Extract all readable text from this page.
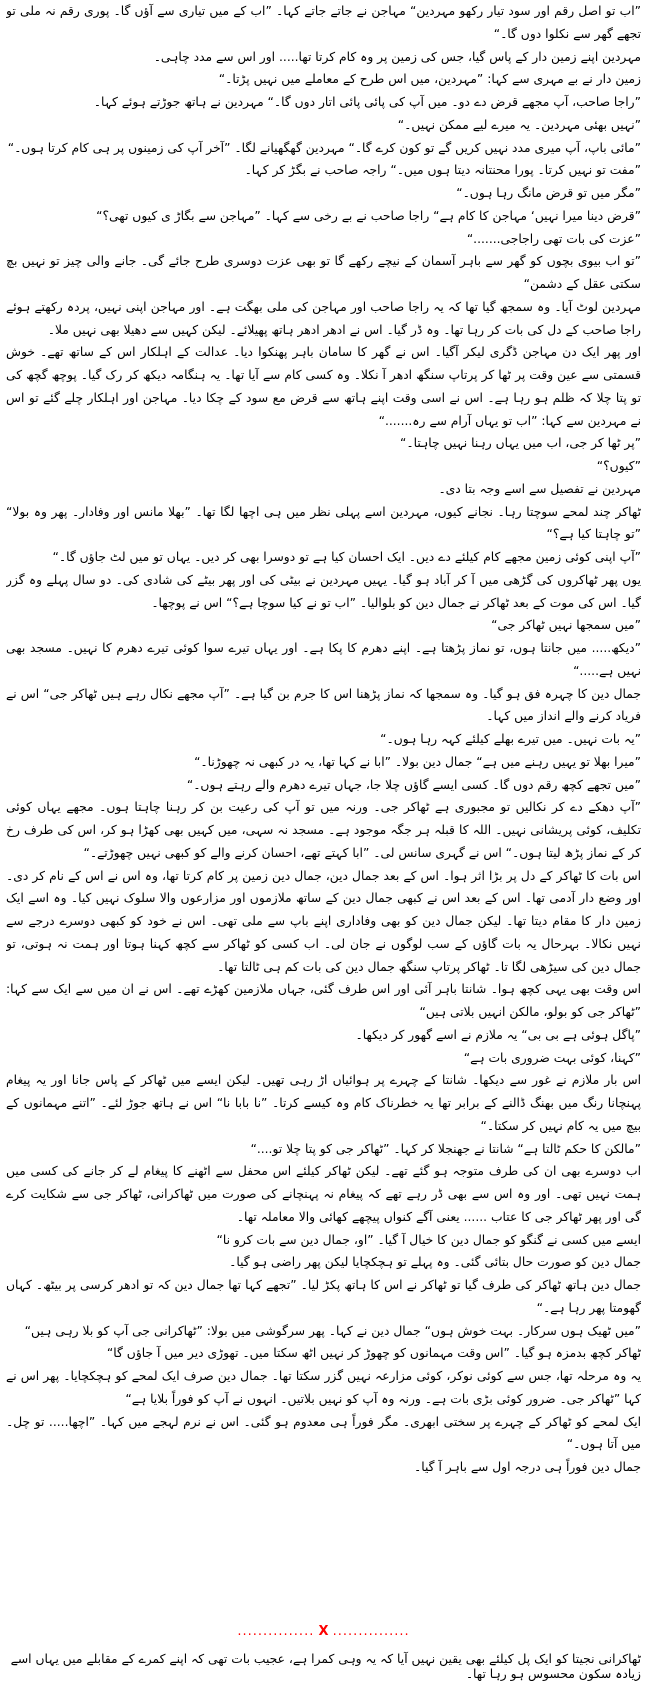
”اب تو اصل رقم اور سود تیار رکھو مہردین“ مہاجن نے جاتے جاتے کہا۔ ”اب کے میں تیاری سے آؤں گا۔ پوری رقم نہ ملی تو تجھے گھر سے نکلوا دوں گا۔“

مہردین اپنے زمین دار کے پاس گیا، جس کی زمین پر وہ کام کرتا تھا..... اور اس سے مدد چاہی۔

زمین دار نے بے مہری سے کہا: ”مہردین، میں اس طرح کے معاملے میں نہیں پڑتا۔“

”راجا صاحب، آپ مجھے قرض دے دو۔ میں آپ کی پائی پائی اتار دوں گا۔“ مہردین نے ہاتھ جوڑتے ہوئے کہا۔

”نہیں بھئی مہردین۔ یہ میرے لیے ممکن نہیں۔“

”مائی باپ، آپ میری مدد نہیں کریں گے تو کون کرے گا۔“ مہردین گھگھیانے لگا۔ ”آخر آپ کی زمینوں پر ہی کام کرتا ہوں۔“

”مفت تو نہیں کرتا۔ پورا محنتانہ دیتا ہوں میں۔“ راجہ صاحب نے بگڑ کر کہا۔

”مگر میں تو قرض مانگ رہا ہوں۔“

”قرض دینا میرا نہیں‘ مہاجن کا کام ہے“ راجا صاحب نے بے رخی سے کہا۔ ”مہاجن سے بگاڑ ی کیوں تھی؟“

”عزت کی بات تھی راجاجی.......“

”تو اب بیوی بچوں کو گھر سے باہر آسمان کے نیچے رکھے گا تو بھی عزت دوسری طرح جائے گی۔ جانے والی چیز تو نہیں بچ سکتی عقل کے دشمن“

مہردین لوٹ آیا۔ وہ سمجھ گیا تھا کہ یہ راجا صاحب اور مہاجن کی ملی بھگت ہے۔ اور مہاجن اپنی نہیں، پردہ رکھتے ہوئے راجا صاحب کے دل کی بات کر رہا تھا۔ وہ ڈر گیا۔ اس نے ادھر ادھر ہاتھ پھیلائے۔ لیکن کہیں سے دھیلا بھی نہیں ملا۔

اور پھر ایک دن مہاجن ڈگری لیکر آگیا۔ اس نے گھر کا سامان باہر پھنکوا دیا۔ عدالت کے اہلکار اس کے ساتھ تھے۔ خوش قسمتی سے عین وقت پر ٹھا کر پرتاپ سنگھ ادھر آ نکلا۔ وہ کسی کام سے آیا تھا۔ یہ ہنگامہ دیکھ کر رک گیا۔ پوچھ گچھ کی تو پتا چلا کہ ظلم ہو رہا ہے۔ اس نے اسی وقت اپنے ہاتھ سے قرض مع سود کے چکا دیا۔ مہاجن اور اہلکار چلے گئے تو اس نے مہردین سے کہا: ”اب تو یہاں آرام سے رہ.......“

”پر ٹھا کر جی، اب میں یہاں رہنا نہیں چاہتا۔“

”کیوں؟“

مہردین نے تفصیل سے اسے وجہ بتا دی۔

ٹھاکر چند لمحے سوچتا رہا۔ نجانے کیوں، مہردین اسے پہلی نظر میں ہی اچھا لگا تھا۔ ”بھلا مانس اور وفادار۔ پھر وہ بولا“ ”تو چاہتا کیا ہے؟“

”آپ اپنی کوئی زمین مجھے کام کیلئے دے دیں۔ ایک احسان کیا ہے تو دوسرا بھی کر دیں۔ یہاں تو میں لٹ جاؤں گا۔“

یوں پھر ٹھاکروں کی گڑھی میں آ کر آباد ہو گیا۔ یہیں مہردین نے بیٹی کی اور پھر بیٹے کی شادی کی۔ دو سال پہلے وہ گزر گیا۔ اس کی موت کے بعد ٹھاکر نے جمال دین کو بلوالیا۔ ”اب تو نے کیا سوچا ہے؟“ اس نے پوچھا۔

”میں سمجھا نہیں ٹھاکر جی“

”دیکھ..... میں جانتا ہوں، تو نماز پڑھتا ہے۔ اپنے دھرم کا پکا ہے۔ اور یہاں تیرے سوا کوئی تیرے دھرم کا نہیں۔ مسجد بھی نہیں ہے.....“

جمال دین کا چہرہ فق ہو گیا۔ وہ سمجھا کہ نماز پڑھنا اس کا جرم بن گیا ہے۔ ”آپ مجھے نکال رہے ہیں ٹھاکر جی“ اس نے فریاد کرنے والے انداز میں کہا۔

”یہ بات نہیں۔ میں تیرے بھلے کیلئے کہہ رہا ہوں۔“

”میرا بھلا تو یہیں رہنے میں ہے“ جمال دین بولا۔ ”ابا نے کہا تھا، یہ در کبھی نہ چھوڑنا۔“

”میں تجھے کچھ رقم دوں گا۔ کسی ایسے گاؤں چلا جا، جہاں تیرے دھرم والے رہتے ہوں۔“

”آپ دھکے دے کر نکالیں تو مجبوری ہے ٹھاکر جی۔ ورنہ میں تو آپ کی رعیت بن کر رہنا چاہتا ہوں۔ مجھے یہاں کوئی تکلیف، کوئی پریشانی نہیں۔ اللہ کا قبلہ ہر جگہ موجود ہے۔ مسجد نہ سہی، میں کہیں بھی کھڑا ہو کر، اس کی طرف رخ کر کے نماز پڑھ لیتا ہوں۔“ اس نے گہری سانس لی۔ ”ابا کہتے تھے، احسان کرنے والے کو کبھی نہیں چھوڑتے۔“

اس بات کا ٹھاکر کے دل پر بڑا اثر ہوا۔ اس کے بعد جمال دین، جمال دین زمین پر کام کرتا تھا، وہ اس نے اس کے نام کر دی۔ اور وضع دار آدمی تھا۔ اس کے بعد اس نے کبھی جمال دین کے ساتھ ملازموں اور مزارعوں والا سلوک نہیں کیا۔ وہ اسے ایک زمین دار کا مقام دیتا تھا۔ لیکن جمال دین کو بھی وفاداری اپنے باپ سے ملی تھی۔ اس نے خود کو کبھی دوسرے درجے سے نہیں نکالا۔ بہرحال یہ بات گاؤں کے سب لوگوں نے جان لی۔ اب کسی کو ٹھاکر سے کچھ کہنا ہوتا اور ہمت نہ ہوتی، تو جمال دین کی سیڑھی لگا تا۔ ٹھاکر پرتاپ سنگھ جمال دین کی بات کم ہی ٹالتا تھا۔

اس وقت بھی یہی کچھ ہوا۔ شانتا باہر آئی اور اس طرف گئی، جہاں ملازمین کھڑے تھے۔ اس نے ان میں سے ایک سے کہا: ”ٹھاکر جی کو بولو، مالکن انہیں بلاتی ہیں“

”پاگل ہوئی ہے بی بی“ یہ ملازم نے اسے گھور کر دیکھا۔

”کہنا، کوئی بہت ضروری بات ہے“

اس بار ملازم نے غور سے دیکھا۔ شانتا کے چہرے پر ہوائیاں اڑ رہی تھیں۔ لیکن ایسے میں ٹھاکر کے پاس جانا اور یہ پیغام پہنچانا رنگ میں بھنگ ڈالنے کے برابر تھا یہ خطرناک کام وہ کیسے کرتا۔ ”نا بابا نا“ اس نے ہاتھ جوڑ لئے۔ ”اتنے مہمانوں کے بیچ میں یہ کام نہیں کر سکتا۔“

”مالکن کا حکم ٹالتا ہے“ شانتا نے جھنجلا کر کہا۔ ”ٹھاکر جی کو پتا چلا تو....“

اب دوسرے بھی ان کی طرف متوجہ ہو گئے تھے۔ لیکن ٹھاکر کیلئے اس محفل سے اٹھنے کا پیغام لے کر جانے کی کسی میں ہمت نہیں تھی۔ اور وہ اس سے بھی ڈر رہے تھے کہ پیغام نہ پہنچانے کی صورت میں ٹھاکرانی، ٹھاکر جی سے شکایت کرے گی اور پھر ٹھاکر جی کا عتاب ...... یعنی آگے کنواں پیچھے کھائی والا معاملہ تھا۔

ایسے میں کسی نے گنگو کو جمال دین کا خیال آ گیا۔ ”او، جمال دین سے بات کرو نا“

جمال دین کو صورت حال بتائی گئی۔ وہ پہلے تو ہچکچایا لیکن پھر راضی ہو گیا۔

جمال دین ہاتھ ٹھاکر کی طرف گیا تو ٹھاکر نے اس کا ہاتھ پکڑ لیا۔ ”تجھے کہا تھا جمال دین کہ تو ادھر کرسی پر بیٹھ۔ کہاں گھومتا پھر رہا ہے۔“

”میں ٹھیک ہوں سرکار۔ بہت خوش ہوں“ جمال دین نے کہا۔ پھر سرگوشی میں بولا: ”ٹھاکرانی جی آپ کو بلا رہی ہیں“

ٹھاکر کچھ بدمزہ ہو گیا۔ ”اس وقت مہمانوں کو چھوڑ کر نہیں اٹھ سکتا میں۔ تھوڑی دیر میں آ جاؤں گا“

یہ وہ مرحلہ تھا، جس سے کوئی نوکر، کوئی مزارعہ نہیں گزر سکتا تھا۔ جمال دین صرف ایک لمحے کو ہچکچایا۔ پھر اس نے کہا ”ٹھاکر جی۔ ضرور کوئی بڑی بات ہے۔ ورنہ وہ آپ کو نہیں بلاتیں۔ انہوں نے آپ کو فوراً بلایا ہے“

ایک لمحے کو ٹھاکر کے چہرے پر سختی ابھری۔ مگر فوراً ہی معدوم ہو گئی۔ اس نے نرم لہجے میں کہا۔ ”اچھا..... تو چل۔ میں آتا ہوں۔“

جمال دین فوراً ہی درجہ اول سے باہر آ گیا۔

............... X ...............
ٹھاکرانی نجیتا کو ایک پل کیلئے بھی یقین نہیں آیا کہ یہ وہی کمرا ہے، عجیب بات تھی کہ اپنے کمرے کے مقابلے میں یہاں اسے زیادہ سکون محسوس ہو رہا تھا۔
